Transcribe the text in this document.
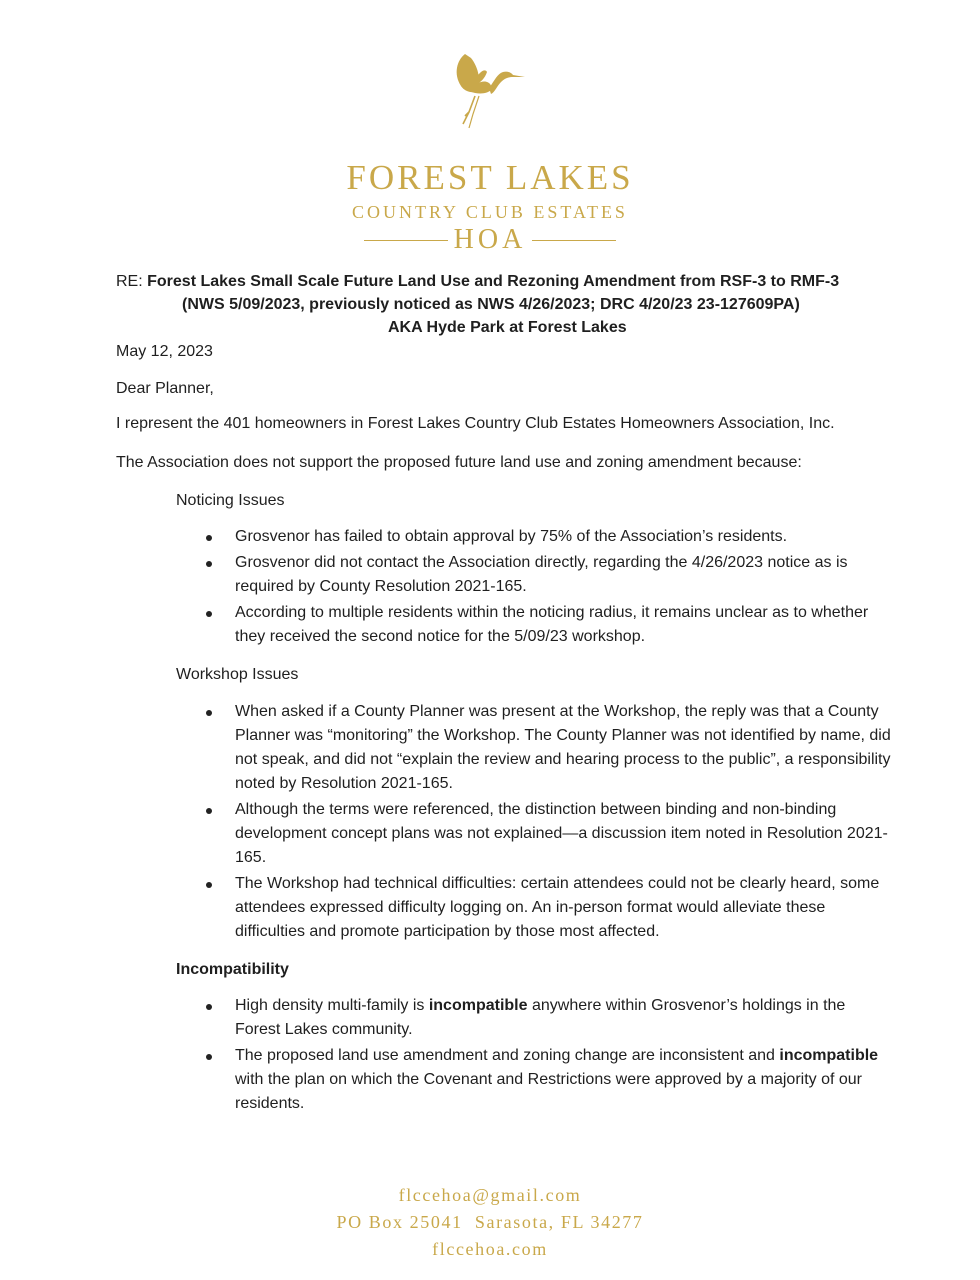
FOREST LAKES
COUNTRY CLUB ESTATES
HOA
RE: Forest Lakes Small Scale Future Land Use and Rezoning Amendment from RSF-3 to RMF-3
(NWS 5/09/2023, previously noticed as NWS 4/26/2023; DRC 4/20/23 23-127609PA)
AKA Hyde Park at Forest Lakes
May 12, 2023
Dear Planner,
I represent the 401 homeowners in Forest Lakes Country Club Estates Homeowners Association, Inc.
The Association does not support the proposed future land use and zoning amendment because:
Noticing Issues
Grosvenor has failed to obtain approval by 75% of the Association’s residents.
Grosvenor did not contact the Association directly, regarding the 4/26/2023 notice as is required by County Resolution 2021-165.
According to multiple residents within the noticing radius, it remains unclear as to whether they received the second notice for the 5/09/23 workshop.
Workshop Issues
When asked if a County Planner was present at the Workshop, the reply was that a County Planner was “monitoring” the Workshop. The County Planner was not identified by name, did not speak, and did not “explain the review and hearing process to the public”, a responsibility noted by Resolution 2021-165.
Although the terms were referenced, the distinction between binding and non-binding development concept plans was not explained—a discussion item noted in Resolution 2021-165.
The Workshop had technical difficulties: certain attendees could not be clearly heard, some attendees expressed difficulty logging on. An in-person format would alleviate these difficulties and promote participation by those most affected.
Incompatibility
High density multi-family is incompatible anywhere within Grosvenor’s holdings in the Forest Lakes community.
The proposed land use amendment and zoning change are inconsistent and incompatible with the plan on which the Covenant and Restrictions were approved by a majority of our residents.
flccehoa@gmail.com
PO Box 25041  Sarasota, FL 34277
flccehoa.com
